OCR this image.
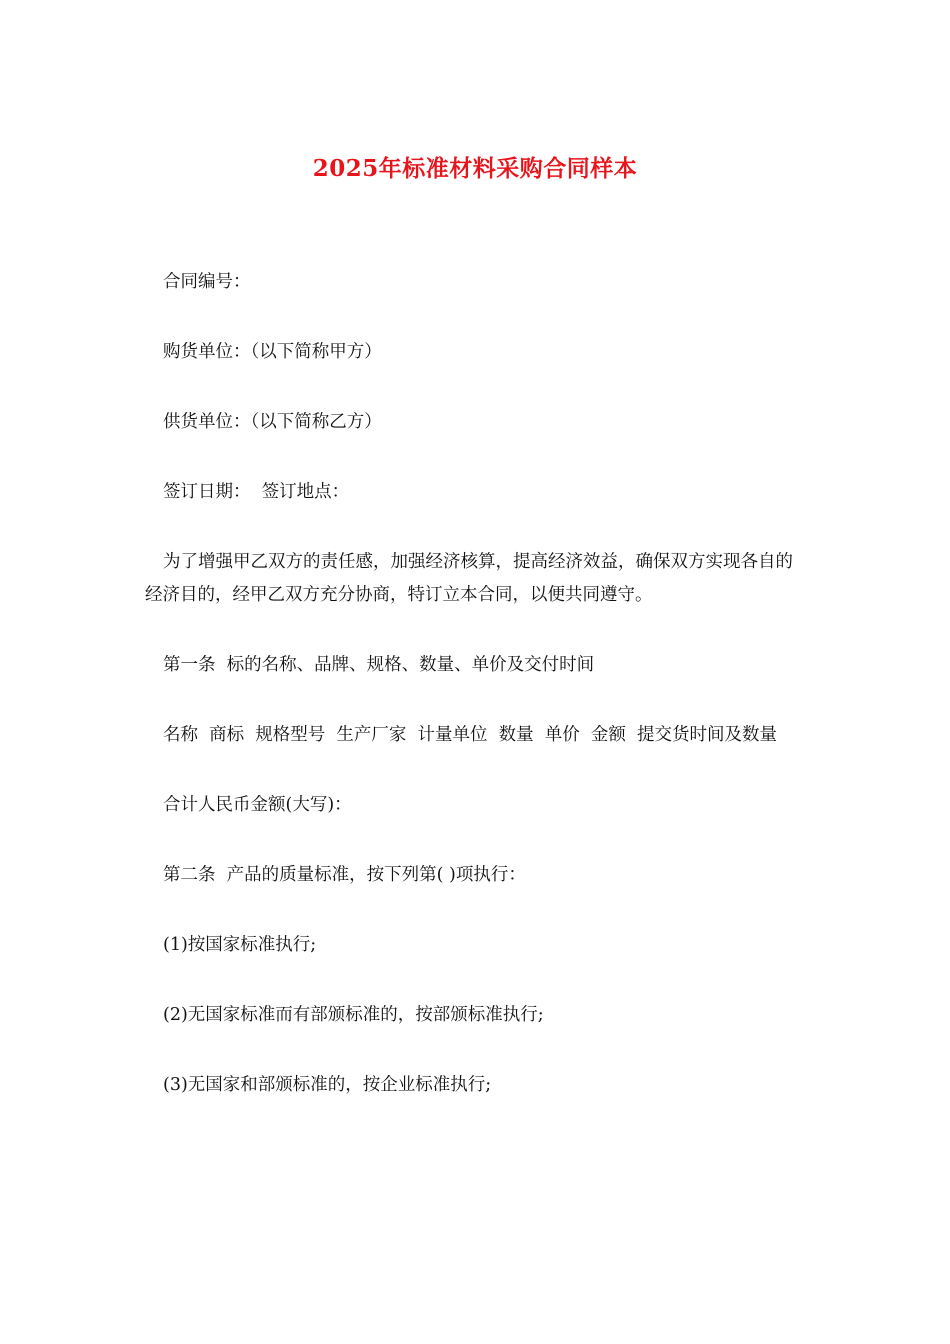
2025年标准材料采购合同样本

合同编号：

购货单位：（以下简称甲方）

供货单位：（以下简称乙方）

签订日期：  签订地点：

为了增强甲乙双方的责任感，加强经济核算，提高经济效益，确保双方实现各自的经济目的，经甲乙双方充分协商，特订立本合同，以便共同遵守。

第一条  标的名称、品牌、规格、数量、单价及交付时间

名称  商标  规格型号  生产厂家  计量单位  数量  单价  金额  提交货时间及数量

合计人民币金额(大写)：

第二条  产品的质量标准，按下列第( )项执行：

(1)按国家标准执行;

(2)无国家标准而有部颁标准的，按部颁标准执行;

(3)无国家和部颁标准的，按企业标准执行;
